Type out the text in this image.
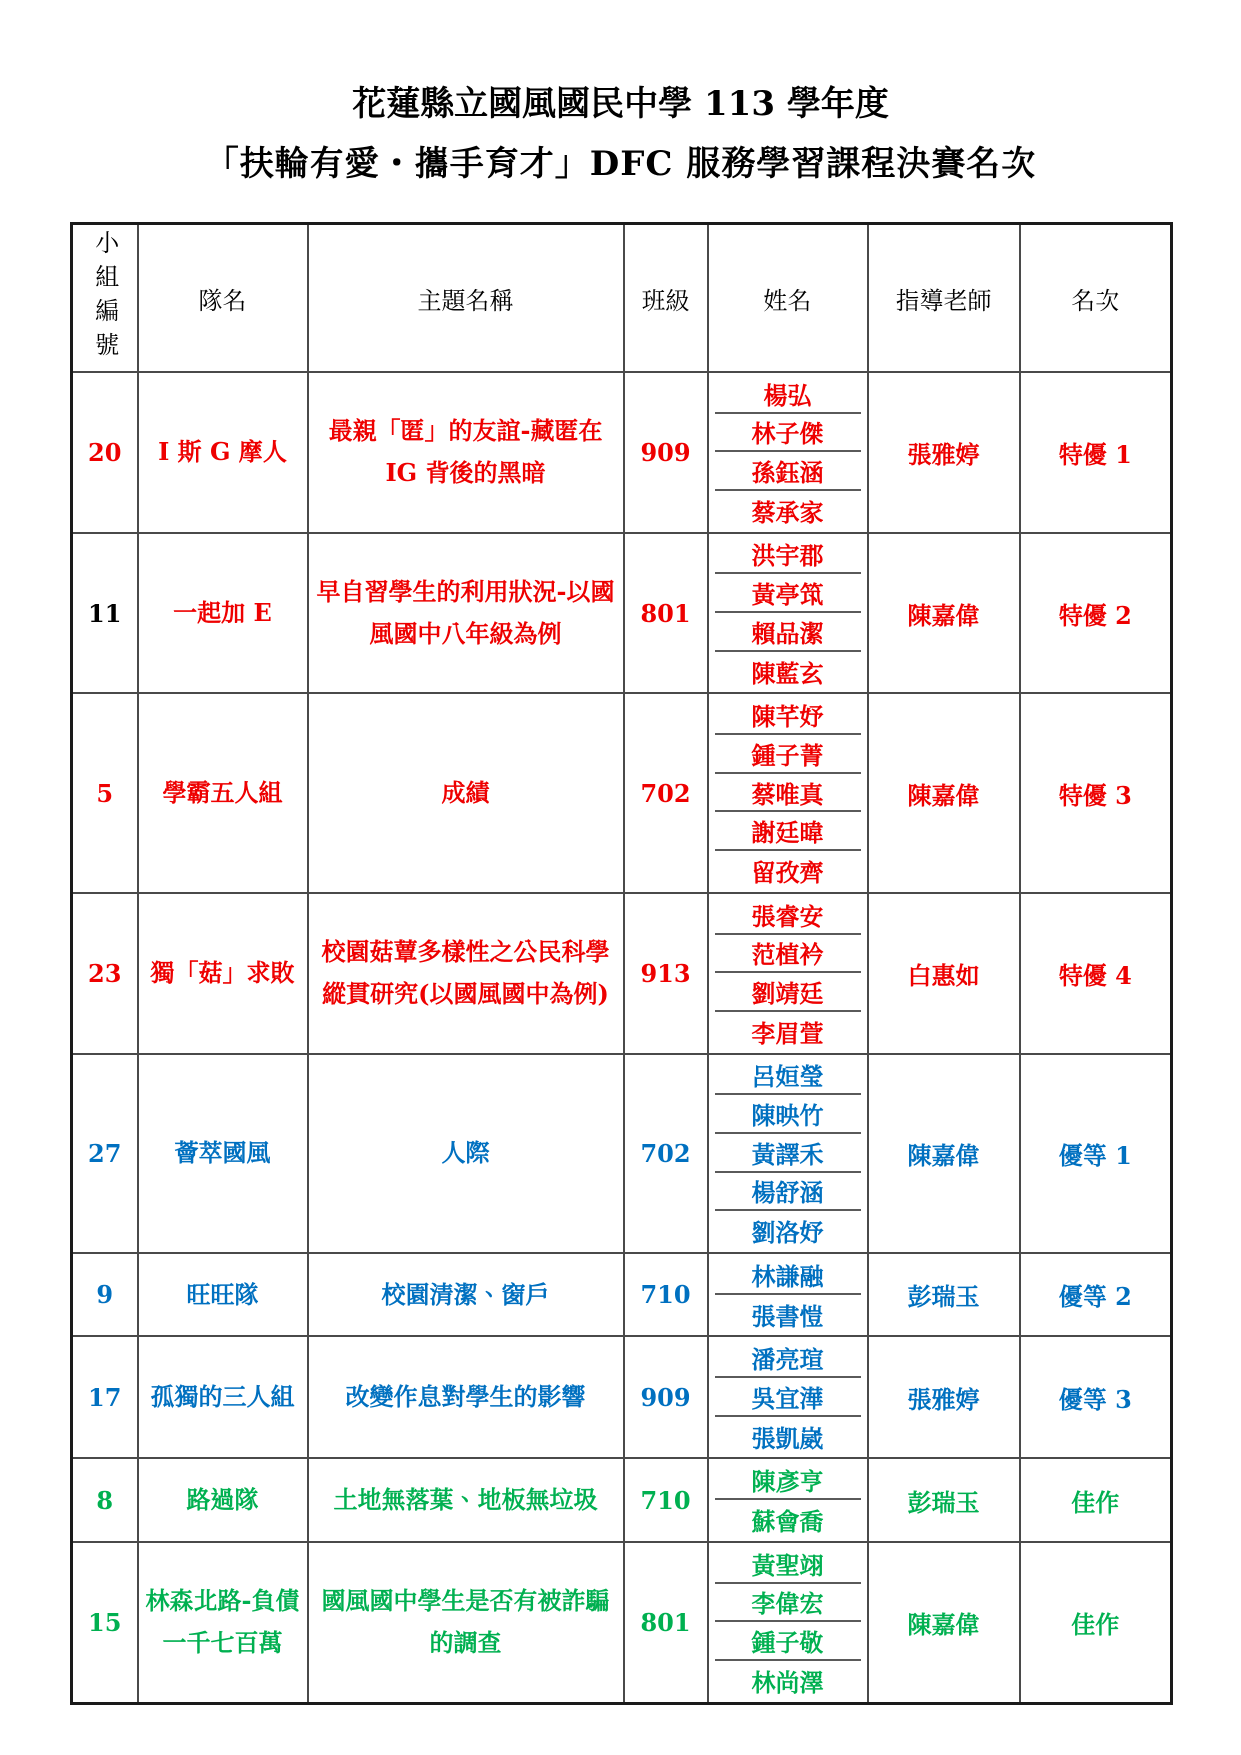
花蓮縣立國風國民中學 113 學年度
「扶輪有愛・攜手育才」DFC 服務學習課程決賽名次
小組編號	隊名	主題名稱	班級	姓名	指導老師	名次
20	I 斯 G 摩人	最親「匿」的友誼-藏匿在 IG 背後的黑暗	909	楊弘
林子傑
孫鈺涵
蔡承家	張雅婷	特優 1
11	一起加 E	早自習學生的利用狀況-以國風國中八年級為例	801	洪宇郡
黃亭筑
賴品潔
陳藍玄	陳嘉偉	特優 2
5	學霸五人組	成績	702	陳芊妤
鍾子菁
蔡唯真
謝廷暐
留孜齊	陳嘉偉	特優 3
23	獨「菇」求敗	校園菇蕈多樣性之公民科學縱貫研究(以國風國中為例)	913	張睿安
范植衿
劉靖廷
李眉萱	白惠如	特優 4
27	薈萃國風	人際	702	呂姮瑩
陳映竹
黃譯禾
楊舒涵
劉洛妤	陳嘉偉	優等 1
9	旺旺隊	校園清潔、窗戶	710	林謙融
張書愷	彭瑞玉	優等 2
17	孤獨的三人組	改變作息對學生的影響	909	潘亮瑄
吳宜澕
張凱崴	張雅婷	優等 3
8	路過隊	土地無落葉、地板無垃圾	710	陳彥亨
蘇會喬	彭瑞玉	佳作
15	林森北路-負債一千七百萬	國風國中學生是否有被詐騙的調查	801	黃聖翊
李偉宏
鍾子敬
林尚澤	陳嘉偉	佳作
